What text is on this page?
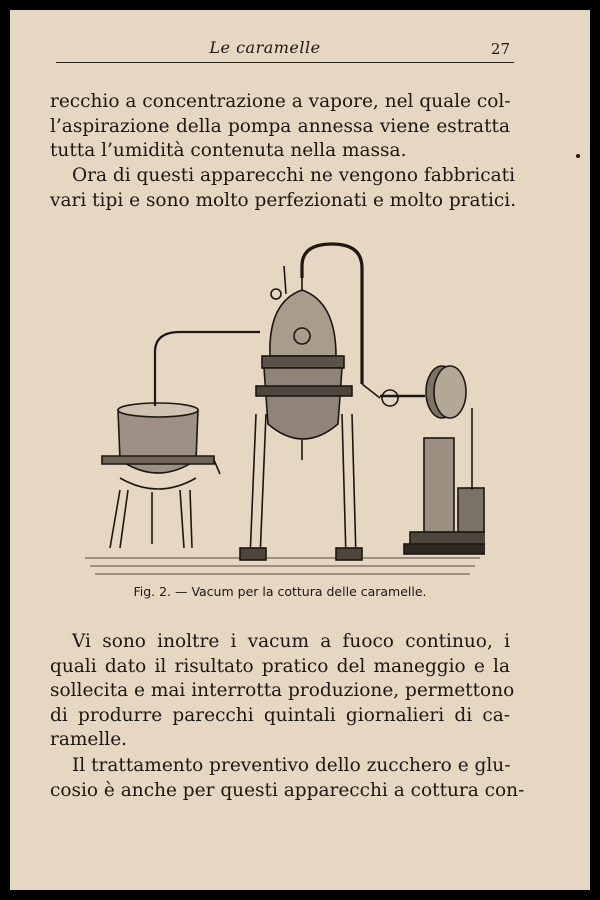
Le caramelle	27

recchio a concentrazione a vapore, nel quale col-
l’aspirazione della pompa annessa viene estratta
tutta l’umidità contenuta nella massa.

Ora di questi apparecchi ne vengono fabbricati
vari tipi e sono molto perfezionati e molto pratici.

Fig. 2. — Vacum per la cottura delle caramelle.

Vi sono inoltre i vacum a fuoco continuo, i
quali dato il risultato pratico del maneggio e la
sollecita e mai interrotta produzione, permettono
di produrre parecchi quintali giornalieri di ca-
ramelle.

Il trattamento preventivo dello zucchero e glu-
cosio è anche per questi apparecchi a cottura con-
